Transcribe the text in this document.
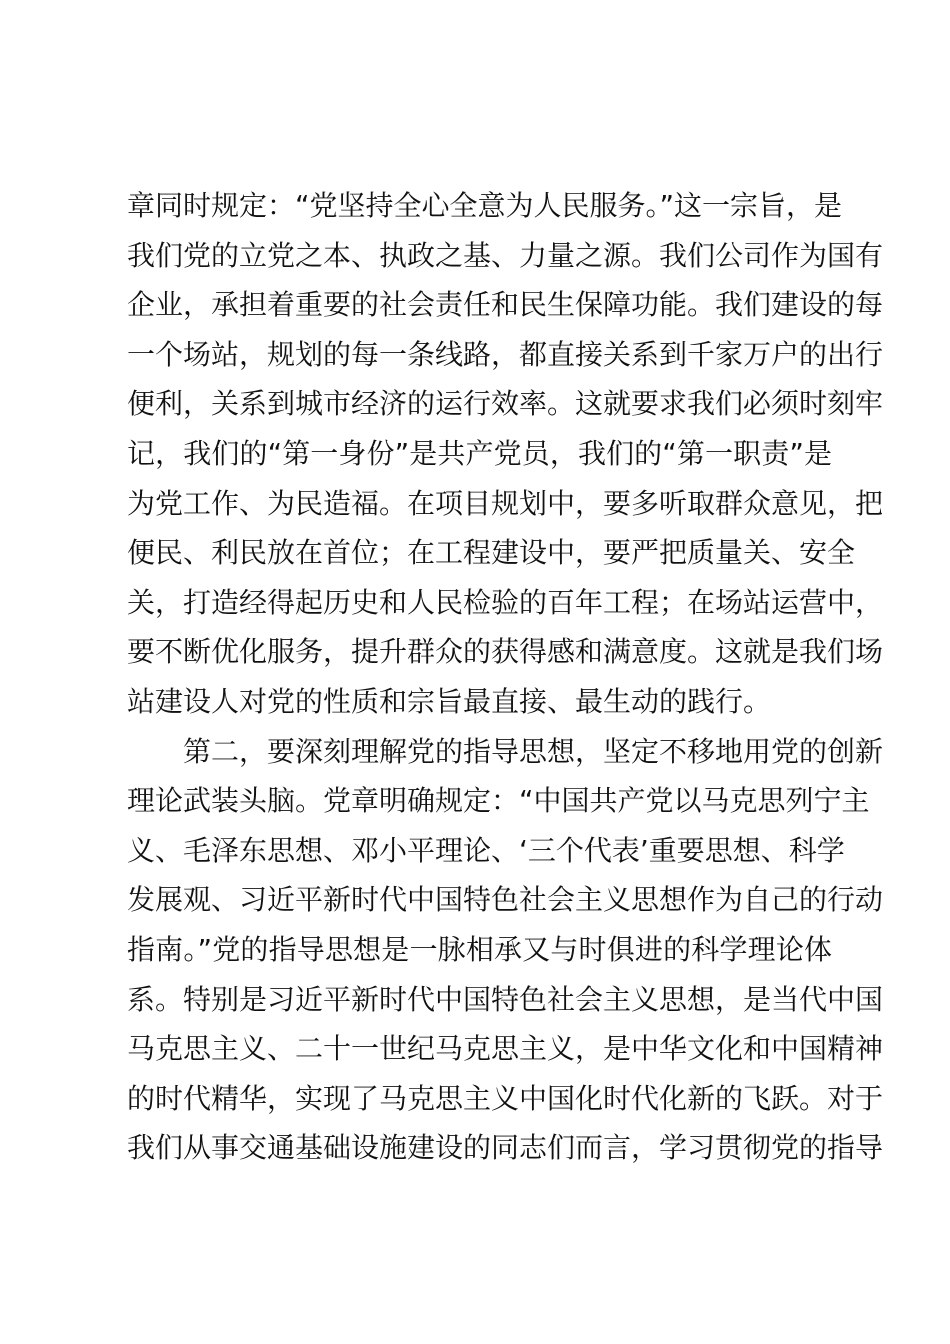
章同时规定：“党坚持全心全意为人民服务。”这一宗旨，是
我们党的立党之本、执政之基、力量之源。我们公司作为国有
企业，承担着重要的社会责任和民生保障功能。我们建设的每
一个场站，规划的每一条线路，都直接关系到千家万户的出行
便利，关系到城市经济的运行效率。这就要求我们必须时刻牢
记，我们的“第一身份”是共产党员，我们的“第一职责”是
为党工作、为民造福。在项目规划中，要多听取群众意见，把
便民、利民放在首位；在工程建设中，要严把质量关、安全
关，打造经得起历史和人民检验的百年工程；在场站运营中，
要不断优化服务，提升群众的获得感和满意度。这就是我们场
站建设人对党的性质和宗旨最直接、最生动的践行。
第二，要深刻理解党的指导思想，坚定不移地用党的创新
理论武装头脑。党章明确规定：“中国共产党以马克思列宁主
义、毛泽东思想、邓小平理论、‘三个代表’重要思想、科学
发展观、习近平新时代中国特色社会主义思想作为自己的行动
指南。”党的指导思想是一脉相承又与时俱进的科学理论体
系。特别是习近平新时代中国特色社会主义思想，是当代中国
马克思主义、二十一世纪马克思主义，是中华文化和中国精神
的时代精华，实现了马克思主义中国化时代化新的飞跃。对于
我们从事交通基础设施建设的同志们而言，学习贯彻党的指导
